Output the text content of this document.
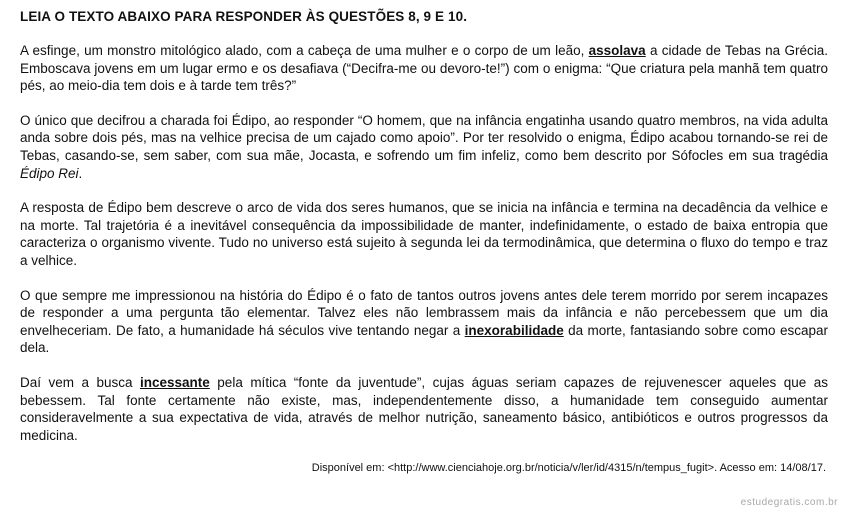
LEIA O TEXTO ABAIXO PARA RESPONDER ÀS QUESTÕES 8, 9 E 10.

A esfinge, um monstro mitológico alado, com a cabeça de uma mulher e o corpo de um leão, assolava a cidade de Tebas na Grécia. Emboscava jovens em um lugar ermo e os desafiava (“Decifra-me ou devoro-te!”) com o enigma: “Que criatura pela manhã tem quatro pés, ao meio-dia tem dois e à tarde tem três?”

O único que decifrou a charada foi Édipo, ao responder “O homem, que na infância engatinha usando quatro membros, na vida adulta anda sobre dois pés, mas na velhice precisa de um cajado como apoio”. Por ter resolvido o enigma, Édipo acabou tornando-se rei de Tebas, casando-se, sem saber, com sua mãe, Jocasta, e sofrendo um fim infeliz, como bem descrito por Sófocles em sua tragédia Édipo Rei.

A resposta de Édipo bem descreve o arco de vida dos seres humanos, que se inicia na infância e termina na decadência da velhice e na morte. Tal trajetória é a inevitável consequência da impossibilidade de manter, indefinidamente, o estado de baixa entropia que caracteriza o organismo vivente. Tudo no universo está sujeito à segunda lei da termodinâmica, que determina o fluxo do tempo e traz a velhice.

O que sempre me impressionou na história do Édipo é o fato de tantos outros jovens antes dele terem morrido por serem incapazes de responder a uma pergunta tão elementar. Talvez eles não lembrassem mais da infância e não percebessem que um dia envelheceriam. De fato, a humanidade há séculos vive tentando negar a inexorabilidade da morte, fantasiando sobre como escapar dela.

Daí vem a busca incessante pela mítica “fonte da juventude”, cujas águas seriam capazes de rejuvenescer aqueles que as bebessem. Tal fonte certamente não existe, mas, independentemente disso, a humanidade tem conseguido aumentar consideravelmente a sua expectativa de vida, através de melhor nutrição, saneamento básico, antibióticos e outros progressos da medicina.

Disponível em: <http://www.cienciahoje.org.br/noticia/v/ler/id/4315/n/tempus_fugit>. Acesso em: 14/08/17.
estudegratis.com.br
